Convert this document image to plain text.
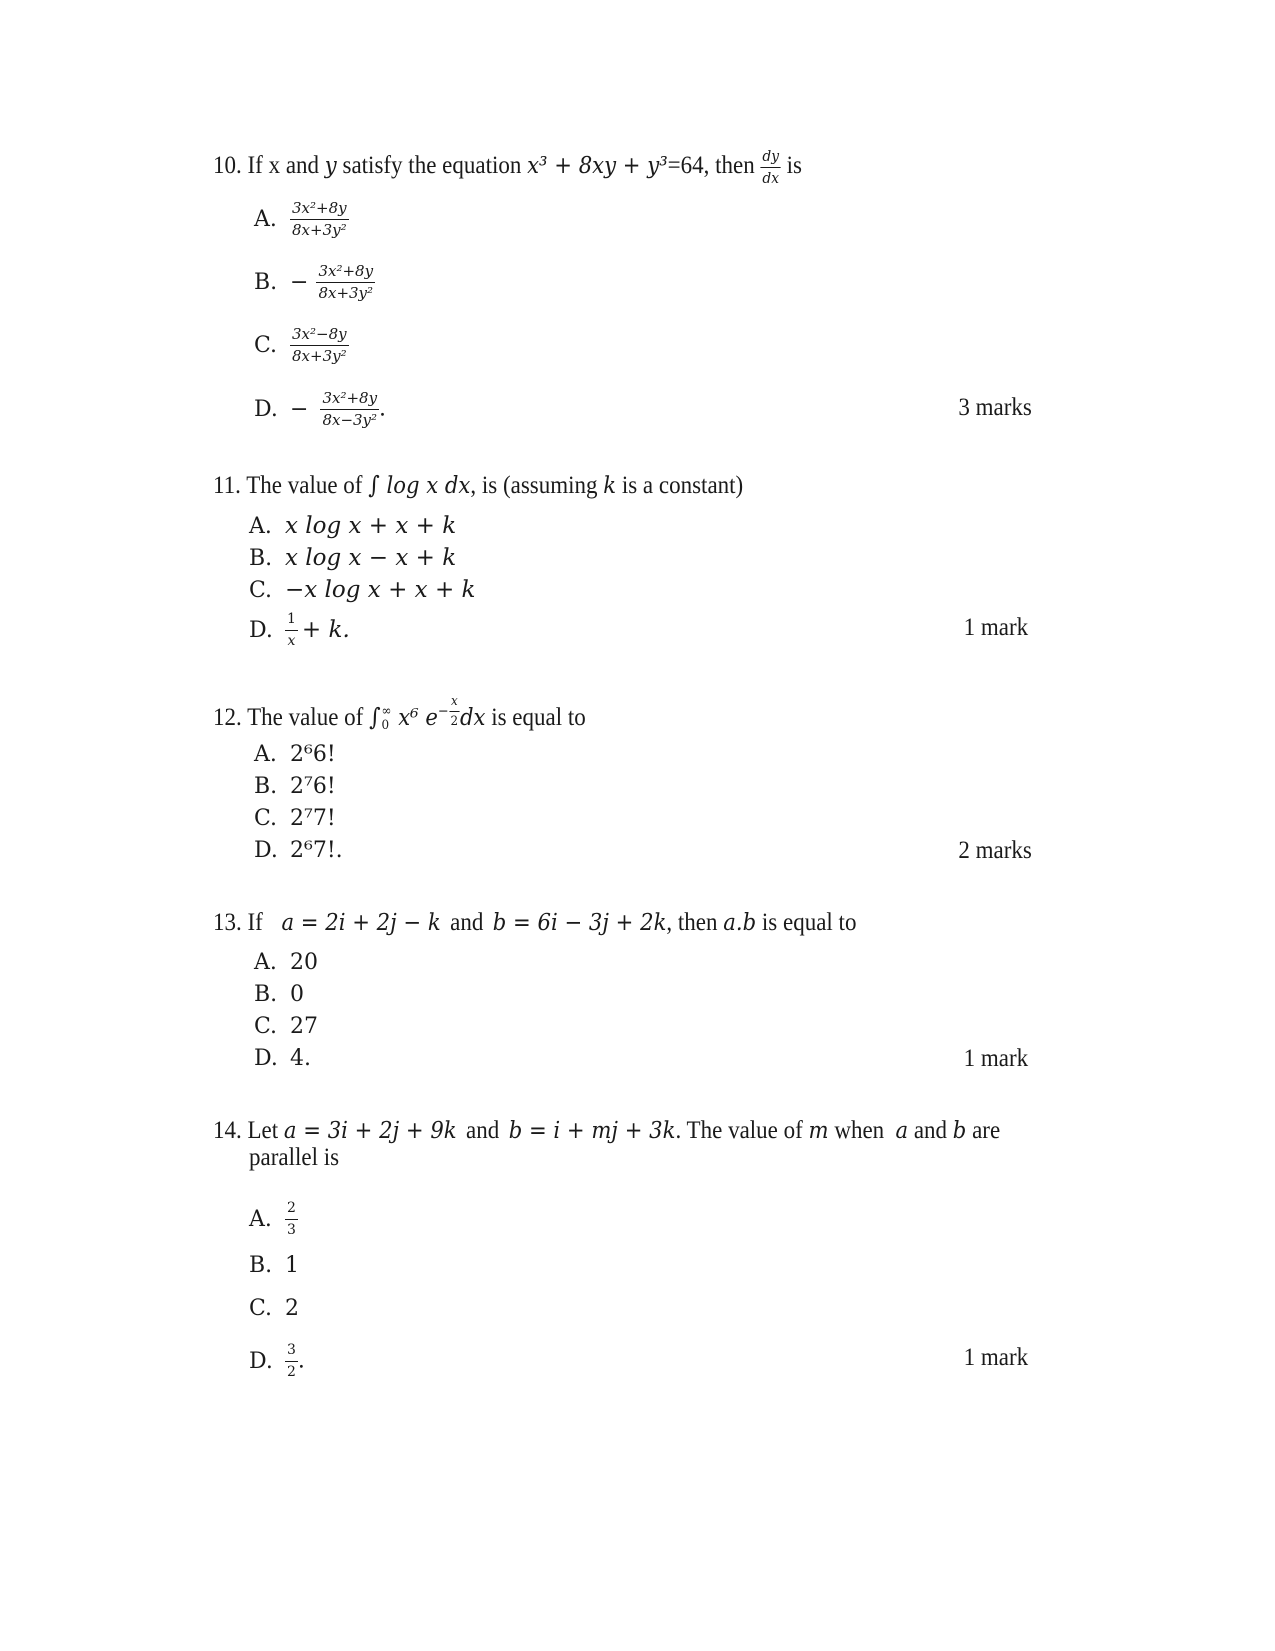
10. If x and y satisfy the equation x³ + 8xy + y³=64, then $\frac{dy}{dx}$ is
A. $\frac{\text{3x²+8y}}{\text{8x+3y²}}$
B. − $\frac{\text{3x²+8y}}{\text{8x+3y²}}$
C. $\frac{\text{3x²−8y}}{\text{8x+3y²}}$
D. − $\frac{\text{3x²+8y}}{\text{8x−3y²}}$ .	3 marks
11. The value of ∫ log x dx, is (assuming k is a constant)
A. x log x + x + k
B. x log x − x + k
C. −x log x + x + k
D. $\frac{1}{x} + k$.	1 mark
12. The value of ∫ ∞
0 x⁶ $e- \frac{x}{2}$ dx is equal to
A. 2⁶6!
B. 2⁷6!
C. 2⁷7!
D. 2⁶7!.	2 marks
13. If a = 2i + 2j − k and b = 6i − 3j + 2k, then a.b is equal to
A. 20
B. 0
C. 27
D. 4.	1 mark
14. Let a = 3i + 2j + 9k and b = i + mj + 3k. The value of m when a and b are
parallel is
A. $\frac{2}{3}$
B. 1
C. 2
D. $\frac{3}{2}$ .	1 mark
